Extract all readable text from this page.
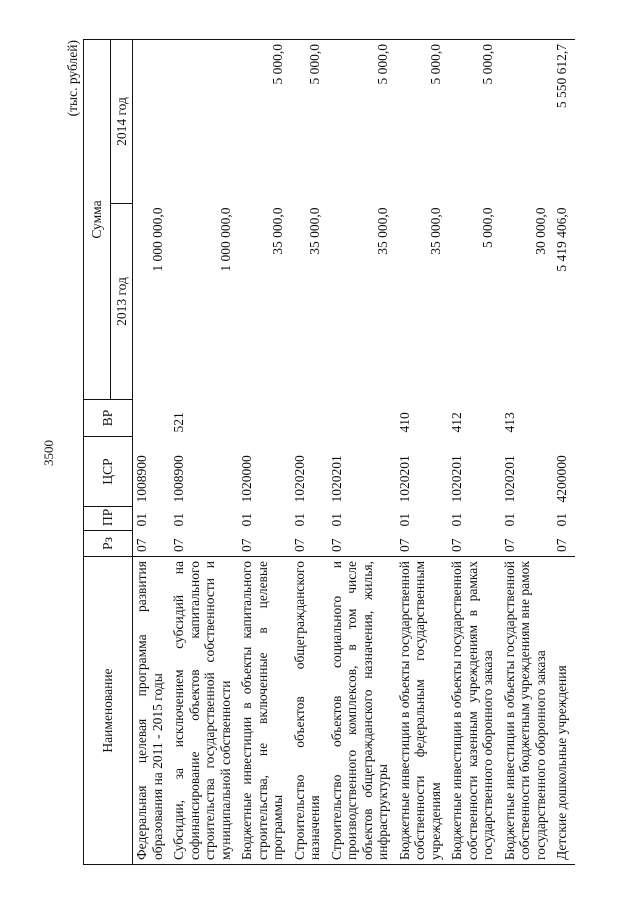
3500
(тыс. рублей)
Наименование	Рз	ПР	ЦСР	ВР	Сумма	
					2013 год	2014 год
Федеральная целевая программа развития образования на 2011 - 2015 годы	07	01	1008900		1 000 000,0	
Субсидии, за исключением субсидий на софинансирование объектов капитального строительства государственной собственности и муниципальной собственности	07	01	1008900	521	1 000 000,0	
Бюджетные инвестиции в объекты капитального строительства, не включенные в целевые программы	07	01	1020000		35 000,0	5 000,0
Строительство объектов общегражданского назначения	07	01	1020200		35 000,0	5 000,0
Строительство объектов социального и производственного комплексов, в том числе объектов общегражданского назначения, жилья, инфраструктуры	07	01	1020201		35 000,0	5 000,0
Бюджетные инвестиции в объекты государственной собственности федеральным государственным учреждениям	07	01	1020201	410	35 000,0	5 000,0
Бюджетные инвестиции в объекты государственной собственности казенным учреждениям в рамках государственного оборонного заказа	07	01	1020201	412	5 000,0	5 000,0
Бюджетные инвестиции в объекты государственной собственности бюджетным учреждениям вне рамок государственного оборонного заказа	07	01	1020201	413	30 000,0	
Детские дошкольные учреждения	07	01	4200000		5 419 406,0	5 550 612,7
